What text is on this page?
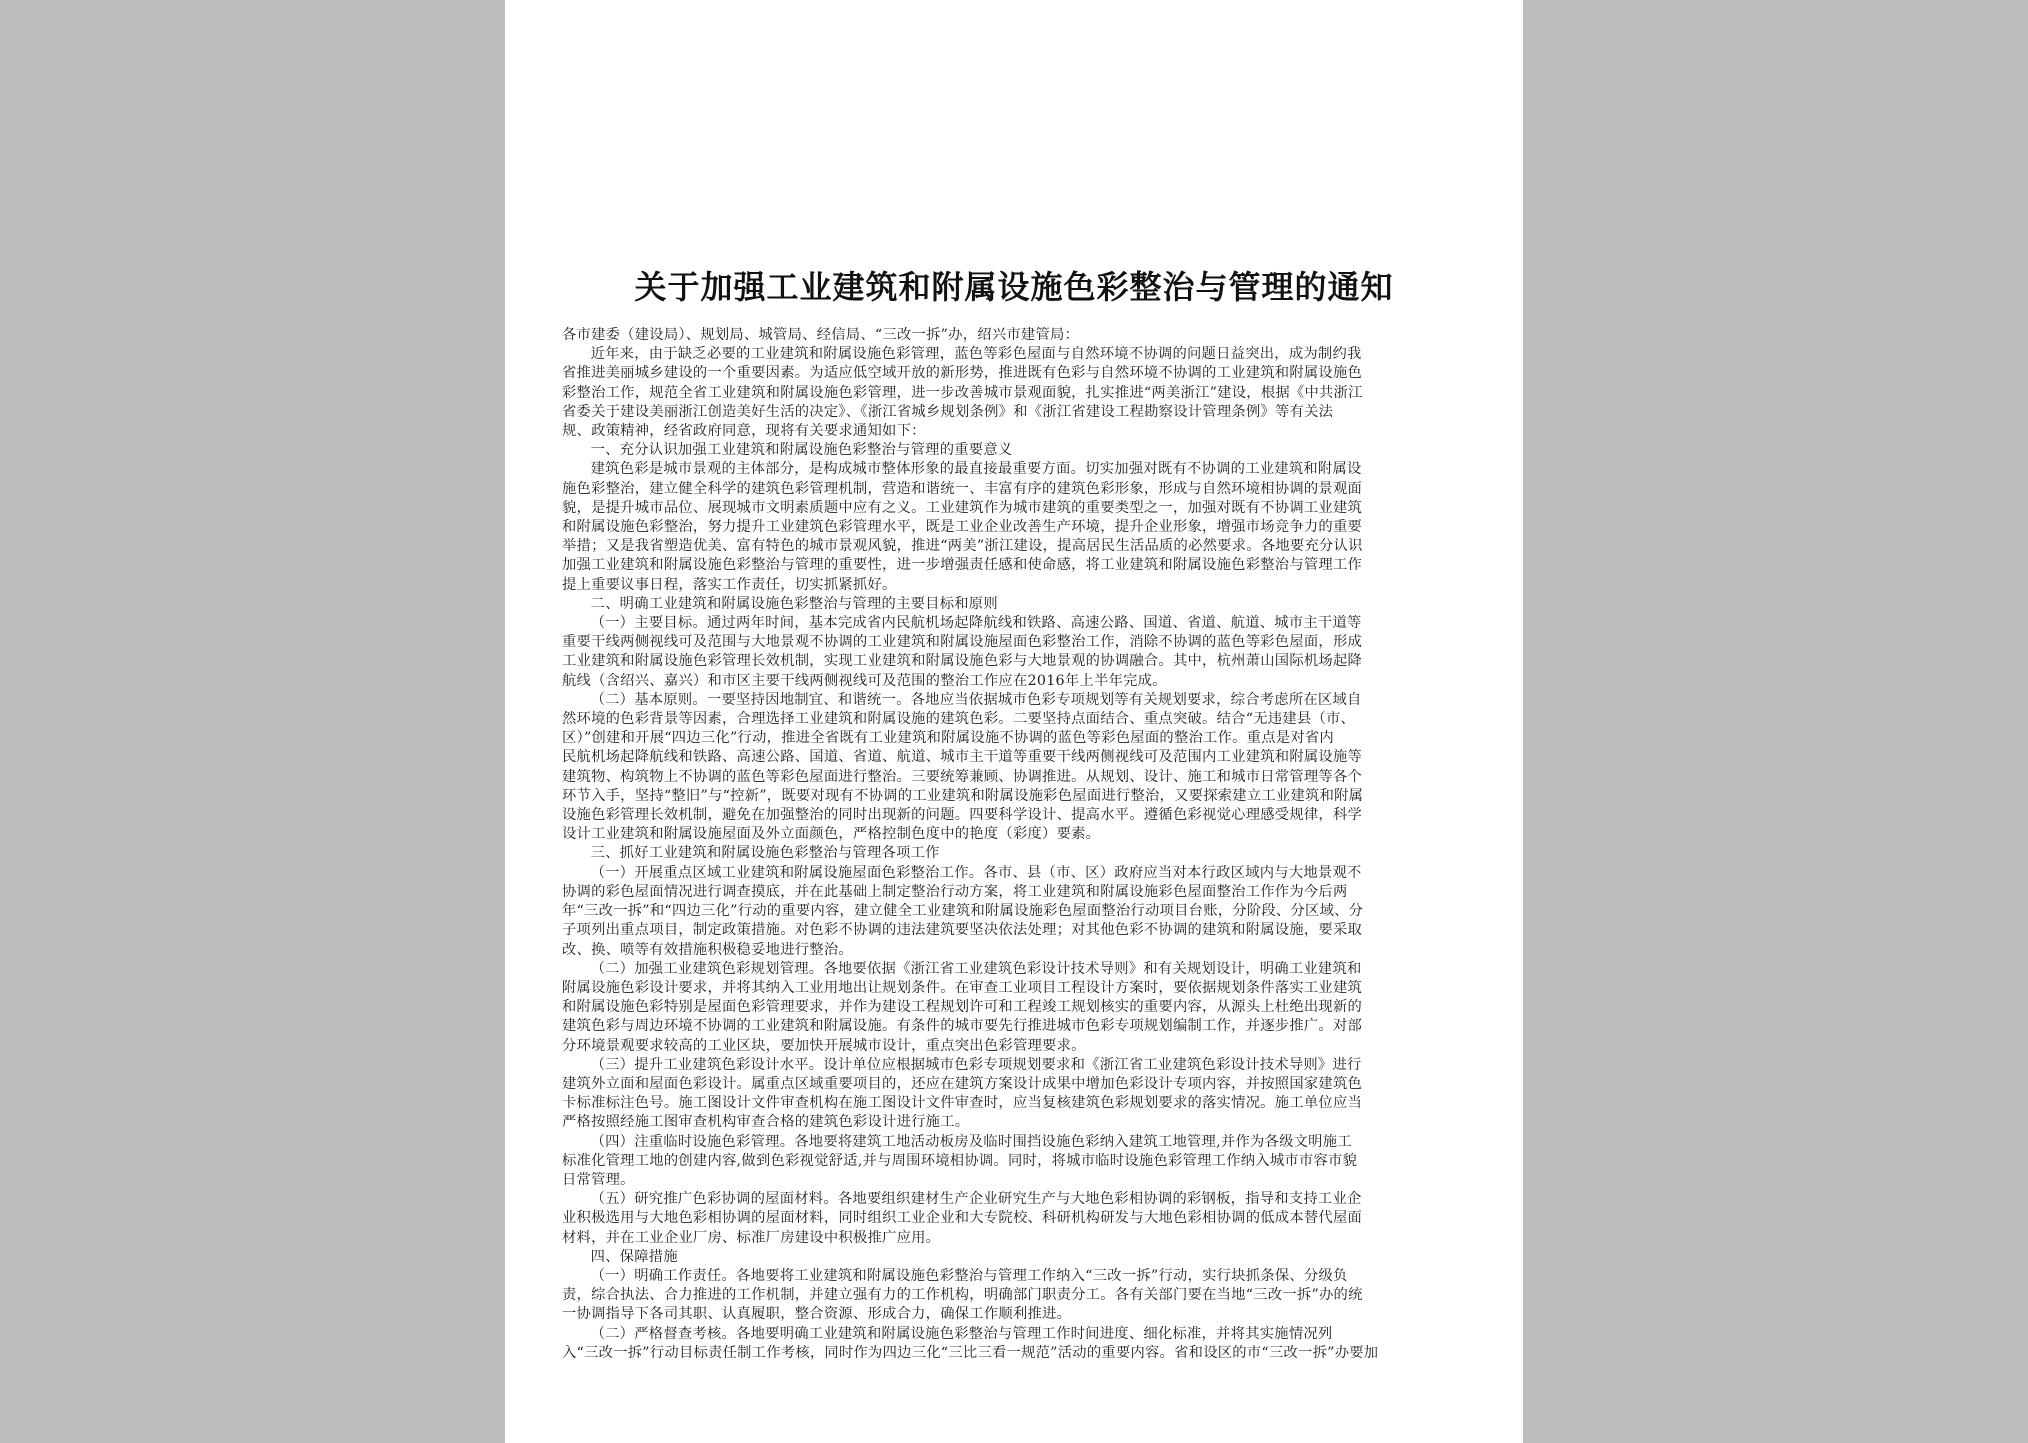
关于加强工业建筑和附属设施色彩整治与管理的通知

各市建委（建设局）、规划局、城管局、经信局、“三改一拆”办，绍兴市建管局：

近年来，由于缺乏必要的工业建筑和附属设施色彩管理，蓝色等彩色屋面与自然环境不协调的问题日益突出，成为制约我

省推进美丽城乡建设的一个重要因素。为适应低空域开放的新形势，推进既有色彩与自然环境不协调的工业建筑和附属设施色

彩整治工作，规范全省工业建筑和附属设施色彩管理，进一步改善城市景观面貌，扎实推进“两美浙江”建设，根据《中共浙江

省委关于建设美丽浙江创造美好生活的决定》、《浙江省城乡规划条例》和《浙江省建设工程勘察设计管理条例》等有关法

规、政策精神，经省政府同意，现将有关要求通知如下：

一、充分认识加强工业建筑和附属设施色彩整治与管理的重要意义

建筑色彩是城市景观的主体部分，是构成城市整体形象的最直接最重要方面。切实加强对既有不协调的工业建筑和附属设

施色彩整治，建立健全科学的建筑色彩管理机制，营造和谐统一、丰富有序的建筑色彩形象，形成与自然环境相协调的景观面

貌，是提升城市品位、展现城市文明素质题中应有之义。工业建筑作为城市建筑的重要类型之一，加强对既有不协调工业建筑

和附属设施色彩整治，努力提升工业建筑色彩管理水平，既是工业企业改善生产环境，提升企业形象，增强市场竞争力的重要

举措；又是我省塑造优美、富有特色的城市景观风貌，推进“两美”浙江建设，提高居民生活品质的必然要求。各地要充分认识

加强工业建筑和附属设施色彩整治与管理的重要性，进一步增强责任感和使命感，将工业建筑和附属设施色彩整治与管理工作

提上重要议事日程，落实工作责任，切实抓紧抓好。

二、明确工业建筑和附属设施色彩整治与管理的主要目标和原则

（一）主要目标。通过两年时间，基本完成省内民航机场起降航线和铁路、高速公路、国道、省道、航道、城市主干道等

重要干线两侧视线可及范围与大地景观不协调的工业建筑和附属设施屋面色彩整治工作，消除不协调的蓝色等彩色屋面，形成

工业建筑和附属设施色彩管理长效机制，实现工业建筑和附属设施色彩与大地景观的协调融合。其中，杭州萧山国际机场起降

航线（含绍兴、嘉兴）和市区主要干线两侧视线可及范围的整治工作应在2016年上半年完成。

（二）基本原则。一要坚持因地制宜、和谐统一。各地应当依据城市色彩专项规划等有关规划要求，综合考虑所在区域自

然环境的色彩背景等因素，合理选择工业建筑和附属设施的建筑色彩。二要坚持点面结合、重点突破。结合“无违建县（市、

区）”创建和开展“四边三化”行动，推进全省既有工业建筑和附属设施不协调的蓝色等彩色屋面的整治工作。重点是对省内

民航机场起降航线和铁路、高速公路、国道、省道、航道、城市主干道等重要干线两侧视线可及范围内工业建筑和附属设施等

建筑物、构筑物上不协调的蓝色等彩色屋面进行整治。三要统筹兼顾、协调推进。从规划、设计、施工和城市日常管理等各个

环节入手，坚持“整旧”与“控新”，既要对现有不协调的工业建筑和附属设施彩色屋面进行整治，又要探索建立工业建筑和附属

设施色彩管理长效机制，避免在加强整治的同时出现新的问题。四要科学设计、提高水平。遵循色彩视觉心理感受规律，科学

设计工业建筑和附属设施屋面及外立面颜色，严格控制色度中的艳度（彩度）要素。

三、抓好工业建筑和附属设施色彩整治与管理各项工作

（一）开展重点区域工业建筑和附属设施屋面色彩整治工作。各市、县（市、区）政府应当对本行政区域内与大地景观不

协调的彩色屋面情况进行调查摸底，并在此基础上制定整治行动方案，将工业建筑和附属设施彩色屋面整治工作作为今后两

年“三改一拆”和“四边三化”行动的重要内容，建立健全工业建筑和附属设施彩色屋面整治行动项目台账，分阶段、分区域、分

子项列出重点项目，制定政策措施。对色彩不协调的违法建筑要坚决依法处理；对其他色彩不协调的建筑和附属设施，要采取

改、换、喷等有效措施积极稳妥地进行整治。

（二）加强工业建筑色彩规划管理。各地要依据《浙江省工业建筑色彩设计技术导则》和有关规划设计，明确工业建筑和

附属设施色彩设计要求，并将其纳入工业用地出让规划条件。在审查工业项目工程设计方案时，要依据规划条件落实工业建筑

和附属设施色彩特别是屋面色彩管理要求，并作为建设工程规划许可和工程竣工规划核实的重要内容，从源头上杜绝出现新的

建筑色彩与周边环境不协调的工业建筑和附属设施。有条件的城市要先行推进城市色彩专项规划编制工作，并逐步推广。对部

分环境景观要求较高的工业区块，要加快开展城市设计，重点突出色彩管理要求。

（三）提升工业建筑色彩设计水平。设计单位应根据城市色彩专项规划要求和《浙江省工业建筑色彩设计技术导则》进行

建筑外立面和屋面色彩设计。属重点区域重要项目的，还应在建筑方案设计成果中增加色彩设计专项内容，并按照国家建筑色

卡标准标注色号。施工图设计文件审查机构在施工图设计文件审查时，应当复核建筑色彩规划要求的落实情况。施工单位应当

严格按照经施工图审查机构审查合格的建筑色彩设计进行施工。

（四）注重临时设施色彩管理。各地要将建筑工地活动板房及临时围挡设施色彩纳入建筑工地管理,并作为各级文明施工

标准化管理工地的创建内容,做到色彩视觉舒适,并与周围环境相协调。同时，将城市临时设施色彩管理工作纳入城市市容市貌

日常管理。

（五）研究推广色彩协调的屋面材料。各地要组织建材生产企业研究生产与大地色彩相协调的彩钢板，指导和支持工业企

业积极选用与大地色彩相协调的屋面材料，同时组织工业企业和大专院校、科研机构研发与大地色彩相协调的低成本替代屋面

材料，并在工业企业厂房、标准厂房建设中积极推广应用。

四、保障措施

（一）明确工作责任。各地要将工业建筑和附属设施色彩整治与管理工作纳入“三改一拆”行动，实行块抓条保、分级负

责，综合执法、合力推进的工作机制，并建立强有力的工作机构，明确部门职责分工。各有关部门要在当地“三改一拆”办的统

一协调指导下各司其职、认真履职，整合资源、形成合力，确保工作顺利推进。

（二）严格督查考核。各地要明确工业建筑和附属设施色彩整治与管理工作时间进度、细化标准，并将其实施情况列

入“三改一拆”行动目标责任制工作考核，同时作为四边三化“三比三看一规范”活动的重要内容。省和设区的市“三改一拆”办要加
